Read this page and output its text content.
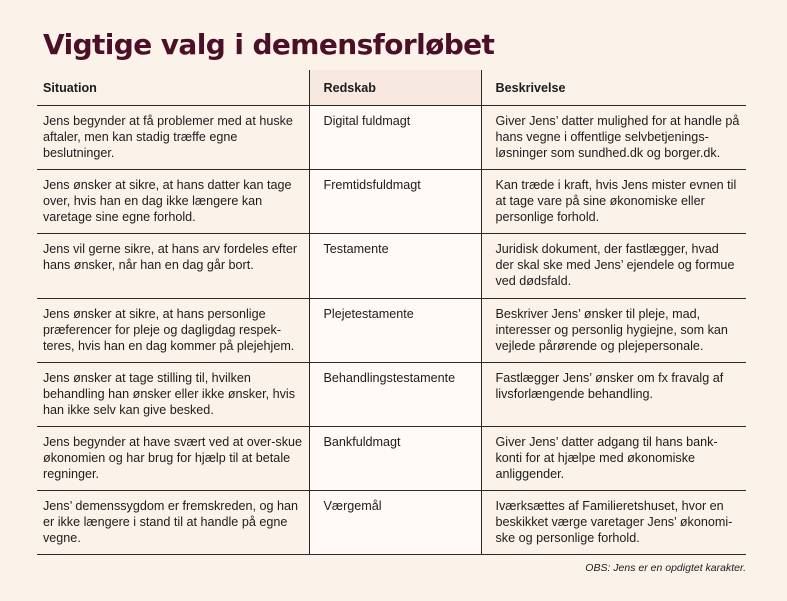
Vigtige valg i demensforløbet
Situation	Redskab	Beskrivelse
Jens begynder at få problemer med at huske aftaler, men kan stadig træffe egne beslutninger.	Digital fuldmagt	Giver Jens’ datter mulighed for at handle på hans vegne i offentlige selvbetjenings-løsninger som sundhed.dk og borger.dk.
Jens ønsker at sikre, at hans datter kan tage over, hvis han en dag ikke længere kan varetage sine egne forhold.	Fremtidsfuldmagt	Kan træde i kraft, hvis Jens mister evnen til at tage vare på sine økonomiske eller personlige forhold.
Jens vil gerne sikre, at hans arv fordeles efter hans ønsker, når han en dag går bort.	Testamente	Juridisk dokument, der fastlægger, hvad der skal ske med Jens’ ejendele og formue ved dødsfald.
Jens ønsker at sikre, at hans personlige præferencer for pleje og dagligdag respek-teres, hvis han en dag kommer på plejehjem.	Plejetestamente	Beskriver Jens’ ønsker til pleje, mad, interesser og personlig hygiejne, som kan vejlede pårørende og plejepersonale.
Jens ønsker at tage stilling til, hvilken behandling han ønsker eller ikke ønsker, hvis han ikke selv kan give besked.	Behandlingstestamente	Fastlægger Jens’ ønsker om fx fravalg af livsforlængende behandling.
Jens begynder at have svært ved at over-skue økonomien og har brug for hjælp til at betale regninger.	Bankfuldmagt	Giver Jens’ datter adgang til hans bank-konti for at hjælpe med økonomiske anliggender.
Jens’ demenssygdom er fremskreden, og han er ikke længere i stand til at handle på egne vegne.	Værgemål	Iværksættes af Familieretshuset, hvor en beskikket værge varetager Jens’ økonomi-ske og personlige forhold.
OBS: Jens er en opdigtet karakter.
